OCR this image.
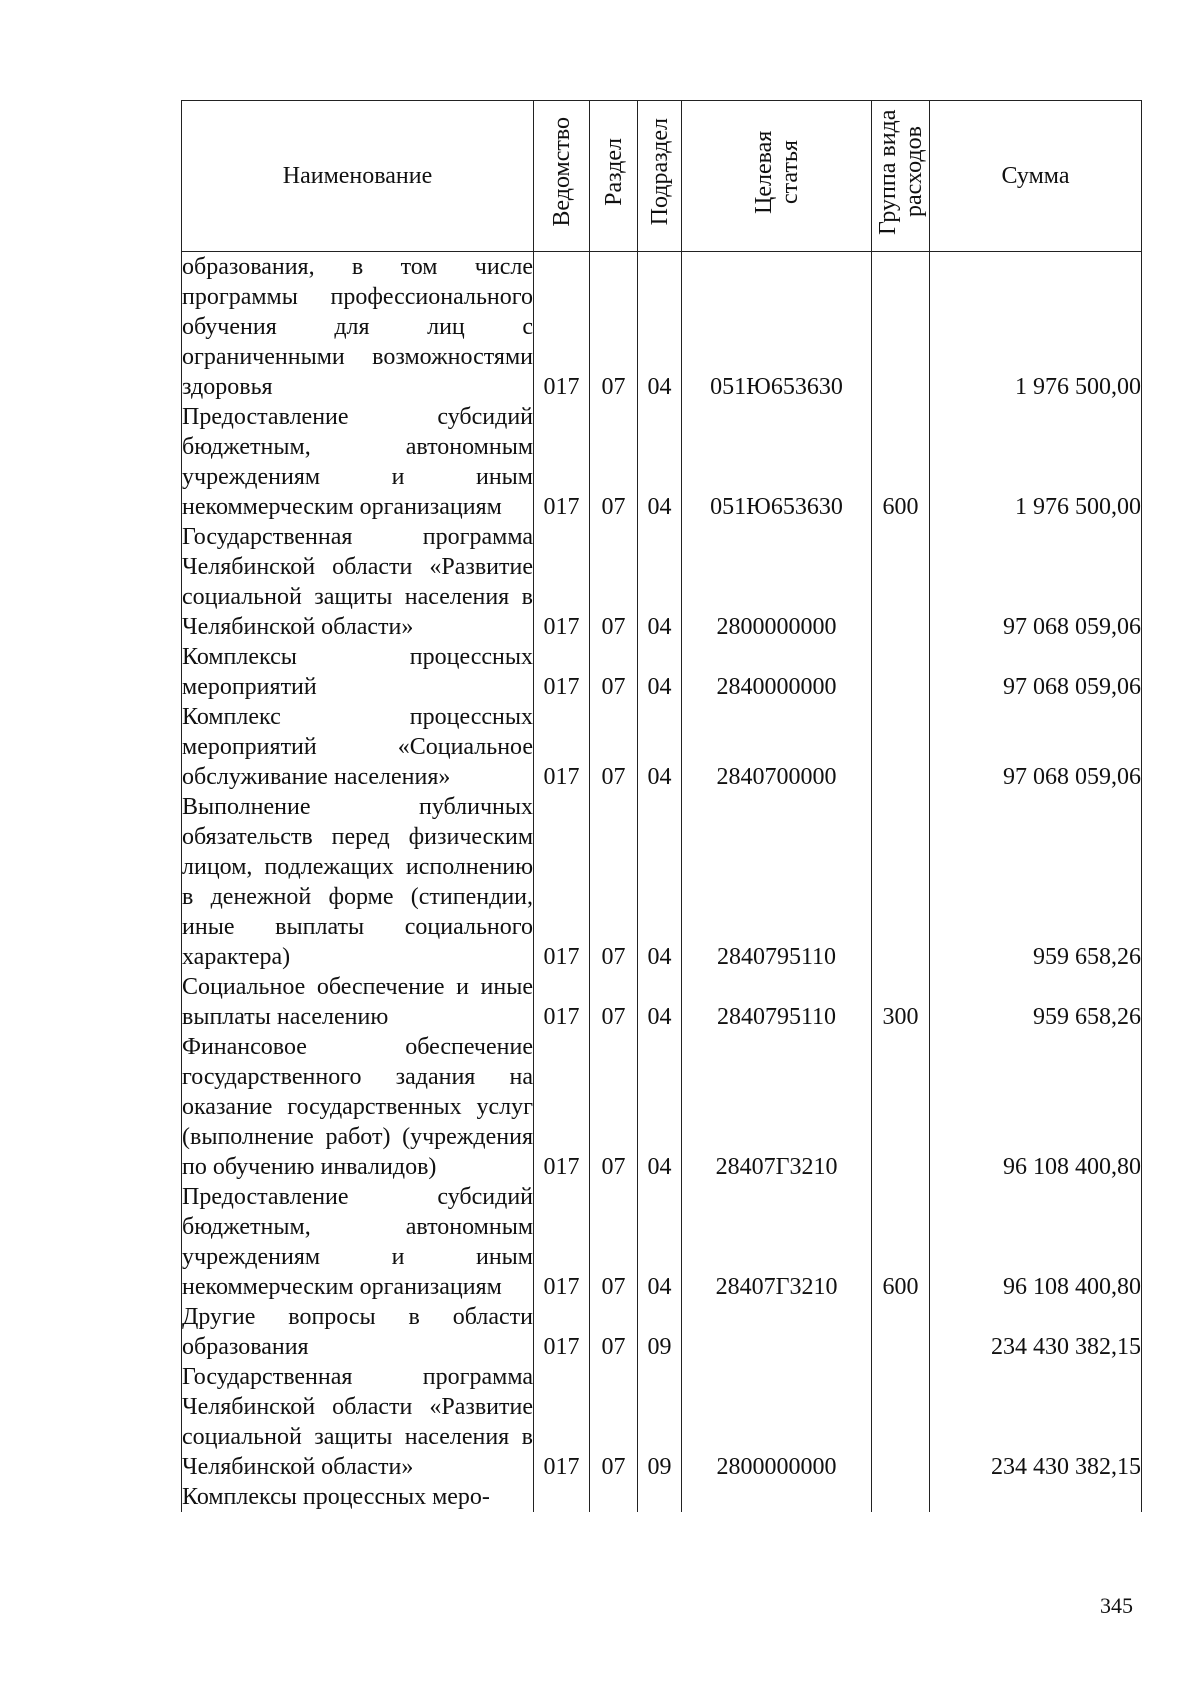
Наименование	Ведомство	Раздел	Подраздел	Целевая статья	Группа вида расходов	Сумма
образования, в том числе программы профессионального обучения для лиц с ограниченными возможностями здоровья	017	07	04	051Ю653630		1 976 500,00
Предоставление субсидий бюджетным, автономным учреждениям и иным некоммерческим организациям	017	07	04	051Ю653630	600	1 976 500,00
Государственная программа Челябинской области «Развитие социальной защиты населения в Челябинской области»	017	07	04	2800000000		97 068 059,06
Комплексы процессных мероприятий	017	07	04	2840000000		97 068 059,06
Комплекс процессных мероприятий «Социальное обслуживание населения»	017	07	04	2840700000		97 068 059,06
Выполнение публичных обязательств перед физическим лицом, подлежащих исполнению в денежной форме (стипендии, иные выплаты социального характера)	017	07	04	2840795110		959 658,26
Социальное обеспечение и иные выплаты населению	017	07	04	2840795110	300	959 658,26
Финансовое обеспечение государственного задания на оказание государственных услуг (выполнение работ) (учреждения по обучению инвалидов)	017	07	04	28407Г3210		96 108 400,80
Предоставление субсидий бюджетным, автономным учреждениям и иным некоммерческим организациям	017	07	04	28407Г3210	600	96 108 400,80
Другие вопросы в области образования	017	07	09			234 430 382,15
Государственная программа Челябинской области «Развитие социальной защиты населения в Челябинской области»	017	07	09	2800000000		234 430 382,15
Комплексы процессных меро-						
345
